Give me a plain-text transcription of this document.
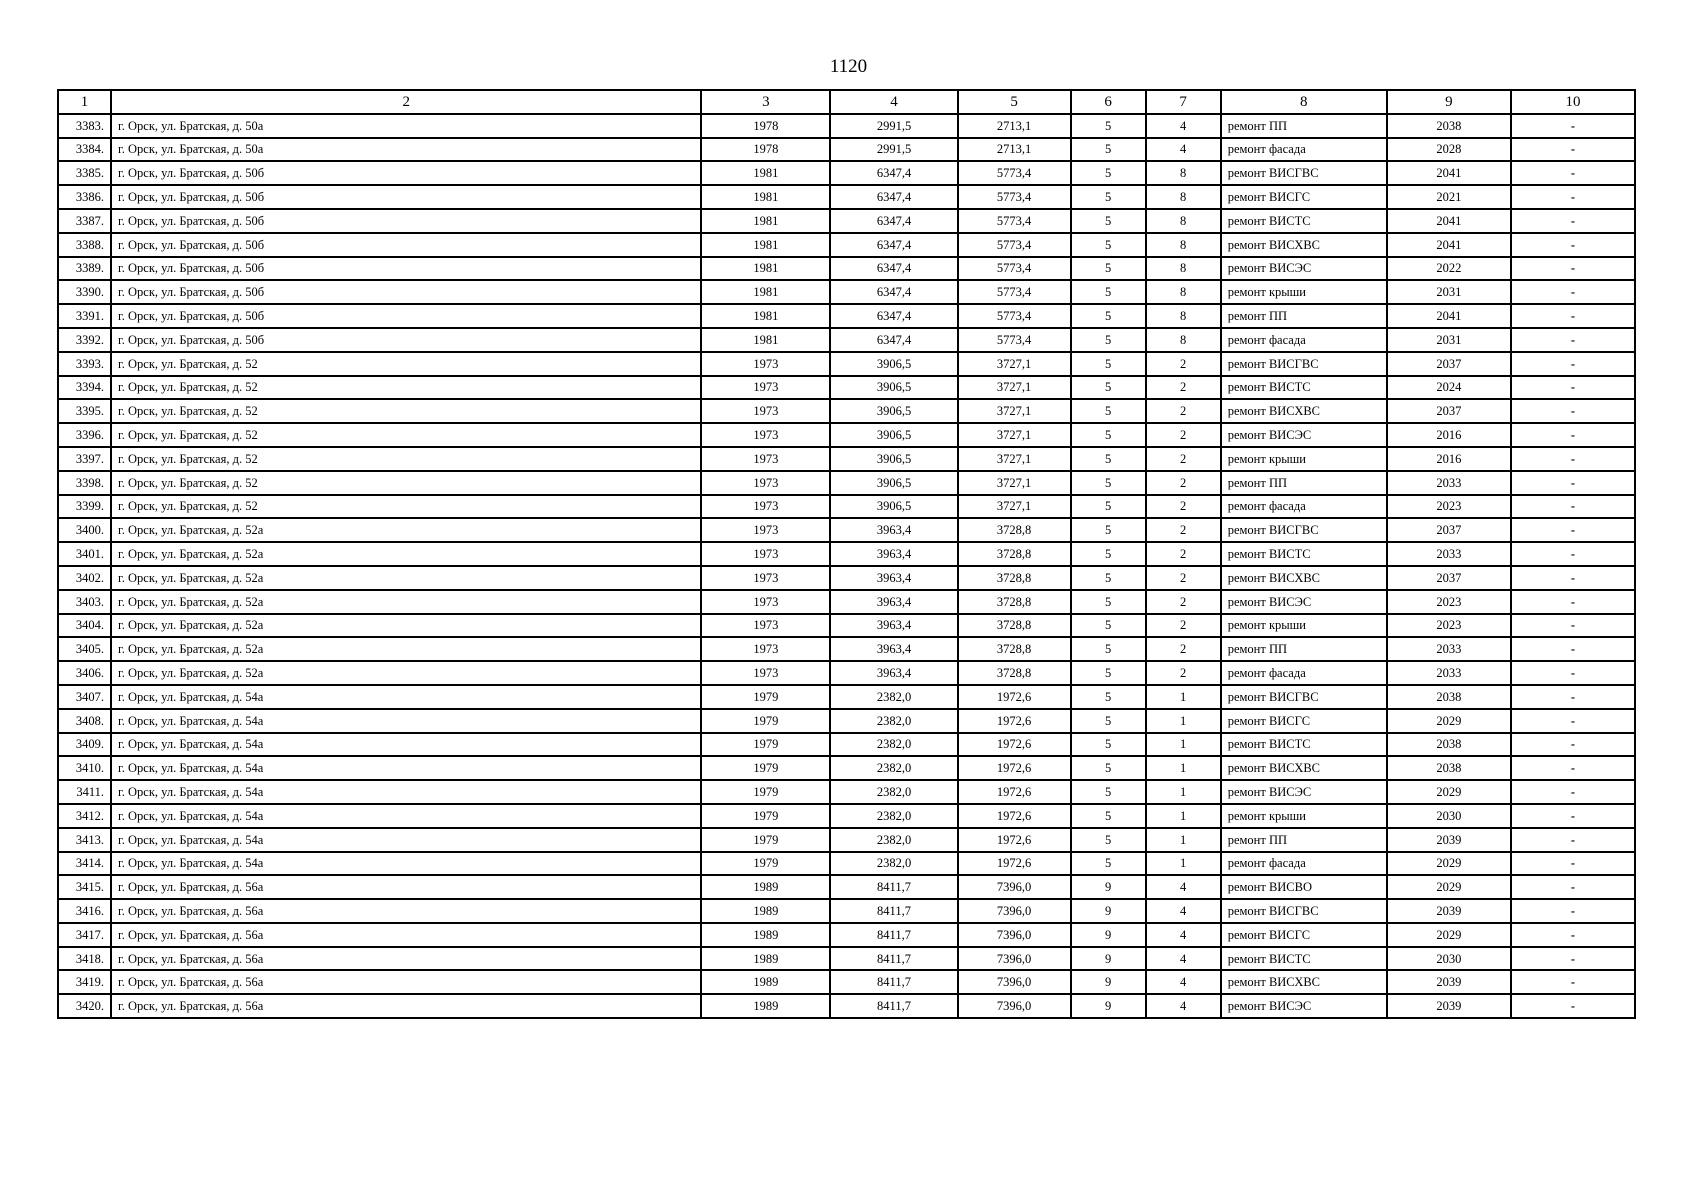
1120
1	2	3	4	5	6	7	8	9	10
3383.	г. Орск, ул. Братская, д. 50а	1978	2991,5	2713,1	5	4	ремонт ПП	2038	-
3384.	г. Орск, ул. Братская, д. 50а	1978	2991,5	2713,1	5	4	ремонт фасада	2028	-
3385.	г. Орск, ул. Братская, д. 50б	1981	6347,4	5773,4	5	8	ремонт ВИСГВС	2041	-
3386.	г. Орск, ул. Братская, д. 50б	1981	6347,4	5773,4	5	8	ремонт ВИСГС	2021	-
3387.	г. Орск, ул. Братская, д. 50б	1981	6347,4	5773,4	5	8	ремонт ВИСТС	2041	-
3388.	г. Орск, ул. Братская, д. 50б	1981	6347,4	5773,4	5	8	ремонт ВИСХВС	2041	-
3389.	г. Орск, ул. Братская, д. 50б	1981	6347,4	5773,4	5	8	ремонт ВИСЭС	2022	-
3390.	г. Орск, ул. Братская, д. 50б	1981	6347,4	5773,4	5	8	ремонт крыши	2031	-
3391.	г. Орск, ул. Братская, д. 50б	1981	6347,4	5773,4	5	8	ремонт ПП	2041	-
3392.	г. Орск, ул. Братская, д. 50б	1981	6347,4	5773,4	5	8	ремонт фасада	2031	-
3393.	г. Орск, ул. Братская, д. 52	1973	3906,5	3727,1	5	2	ремонт ВИСГВС	2037	-
3394.	г. Орск, ул. Братская, д. 52	1973	3906,5	3727,1	5	2	ремонт ВИСТС	2024	-
3395.	г. Орск, ул. Братская, д. 52	1973	3906,5	3727,1	5	2	ремонт ВИСХВС	2037	-
3396.	г. Орск, ул. Братская, д. 52	1973	3906,5	3727,1	5	2	ремонт ВИСЭС	2016	-
3397.	г. Орск, ул. Братская, д. 52	1973	3906,5	3727,1	5	2	ремонт крыши	2016	-
3398.	г. Орск, ул. Братская, д. 52	1973	3906,5	3727,1	5	2	ремонт ПП	2033	-
3399.	г. Орск, ул. Братская, д. 52	1973	3906,5	3727,1	5	2	ремонт фасада	2023	-
3400.	г. Орск, ул. Братская, д. 52а	1973	3963,4	3728,8	5	2	ремонт ВИСГВС	2037	-
3401.	г. Орск, ул. Братская, д. 52а	1973	3963,4	3728,8	5	2	ремонт ВИСТС	2033	-
3402.	г. Орск, ул. Братская, д. 52а	1973	3963,4	3728,8	5	2	ремонт ВИСХВС	2037	-
3403.	г. Орск, ул. Братская, д. 52а	1973	3963,4	3728,8	5	2	ремонт ВИСЭС	2023	-
3404.	г. Орск, ул. Братская, д. 52а	1973	3963,4	3728,8	5	2	ремонт крыши	2023	-
3405.	г. Орск, ул. Братская, д. 52а	1973	3963,4	3728,8	5	2	ремонт ПП	2033	-
3406.	г. Орск, ул. Братская, д. 52а	1973	3963,4	3728,8	5	2	ремонт фасада	2033	-
3407.	г. Орск, ул. Братская, д. 54а	1979	2382,0	1972,6	5	1	ремонт ВИСГВС	2038	-
3408.	г. Орск, ул. Братская, д. 54а	1979	2382,0	1972,6	5	1	ремонт ВИСГС	2029	-
3409.	г. Орск, ул. Братская, д. 54а	1979	2382,0	1972,6	5	1	ремонт ВИСТС	2038	-
3410.	г. Орск, ул. Братская, д. 54а	1979	2382,0	1972,6	5	1	ремонт ВИСХВС	2038	-
3411.	г. Орск, ул. Братская, д. 54а	1979	2382,0	1972,6	5	1	ремонт ВИСЭС	2029	-
3412.	г. Орск, ул. Братская, д. 54а	1979	2382,0	1972,6	5	1	ремонт крыши	2030	-
3413.	г. Орск, ул. Братская, д. 54а	1979	2382,0	1972,6	5	1	ремонт ПП	2039	-
3414.	г. Орск, ул. Братская, д. 54а	1979	2382,0	1972,6	5	1	ремонт фасада	2029	-
3415.	г. Орск, ул. Братская, д. 56а	1989	8411,7	7396,0	9	4	ремонт ВИСВО	2029	-
3416.	г. Орск, ул. Братская, д. 56а	1989	8411,7	7396,0	9	4	ремонт ВИСГВС	2039	-
3417.	г. Орск, ул. Братская, д. 56а	1989	8411,7	7396,0	9	4	ремонт ВИСГС	2029	-
3418.	г. Орск, ул. Братская, д. 56а	1989	8411,7	7396,0	9	4	ремонт ВИСТС	2030	-
3419.	г. Орск, ул. Братская, д. 56а	1989	8411,7	7396,0	9	4	ремонт ВИСХВС	2039	-
3420.	г. Орск, ул. Братская, д. 56а	1989	8411,7	7396,0	9	4	ремонт ВИСЭС	2039	-
